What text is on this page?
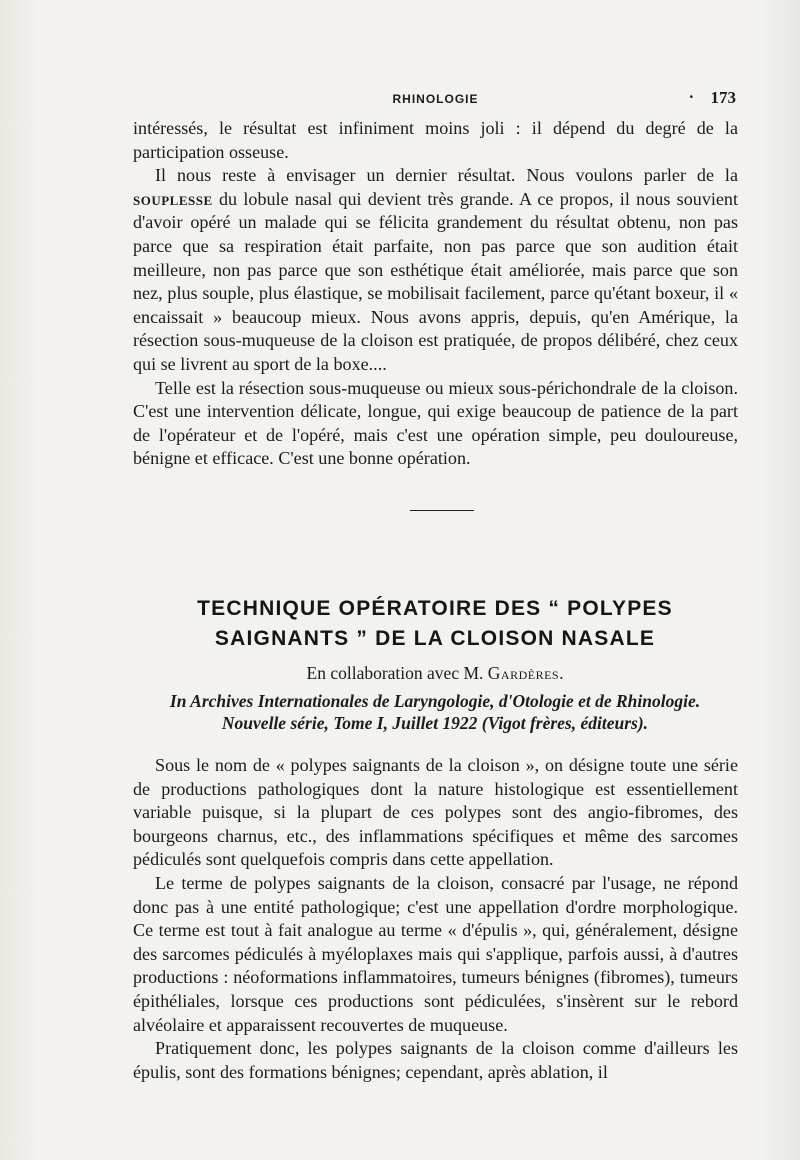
RHINOLOGIE
·	173

intéressés, le résultat est infiniment moins joli : il dépend du degré de la participation osseuse.

Il nous reste à envisager un dernier résultat. Nous voulons parler de la souplesse du lobule nasal qui devient très grande. A ce propos, il nous souvient d'avoir opéré un malade qui se félicita grandement du résultat obtenu, non pas parce que sa respiration était parfaite, non pas parce que son audition était meilleure, non pas parce que son esthétique était améliorée, mais parce que son nez, plus souple, plus élastique, se mobilisait facilement, parce qu'étant boxeur, il « encaissait » beaucoup mieux. Nous avons appris, depuis, qu'en Amérique, la résection sous-muqueuse de la cloison est pratiquée, de propos délibéré, chez ceux qui se livrent au sport de la boxe....

Telle est la résection sous-muqueuse ou mieux sous-périchondrale de la cloison. C'est une intervention délicate, longue, qui exige beaucoup de patience de la part de l'opérateur et de l'opéré, mais c'est une opération simple, peu douloureuse, bénigne et efficace. C'est une bonne opération.

TECHNIQUE OPÉRATOIRE DES “ POLYPES
SAIGNANTS ” DE LA CLOISON NASALE
En collaboration avec M. Gardères.
In Archives Internationales de Laryngologie, d'Otologie et de Rhinologie.
Nouvelle série, Tome I, Juillet 1922 (Vigot frères, éditeurs).

Sous le nom de « polypes saignants de la cloison », on désigne toute une série de productions pathologiques dont la nature histologique est essentiellement variable puisque, si la plupart de ces polypes sont des angio-fibromes, des bourgeons charnus, etc., des inflammations spécifiques et même des sarcomes pédiculés sont quelquefois compris dans cette appellation.

Le terme de polypes saignants de la cloison, consacré par l'usage, ne répond donc pas à une entité pathologique; c'est une appellation d'ordre morphologique. Ce terme est tout à fait analogue au terme « d'épulis », qui, généralement, désigne des sarcomes pédiculés à myéloplaxes mais qui s'applique, parfois aussi, à d'autres productions : néoformations inflammatoires, tumeurs bénignes (fibromes), tumeurs épithéliales, lorsque ces productions sont pédiculées, s'insèrent sur le rebord alvéolaire et apparaissent recouvertes de muqueuse.

Pratiquement donc, les polypes saignants de la cloison comme d'ailleurs les épulis, sont des formations bénignes; cependant, après ablation, il
